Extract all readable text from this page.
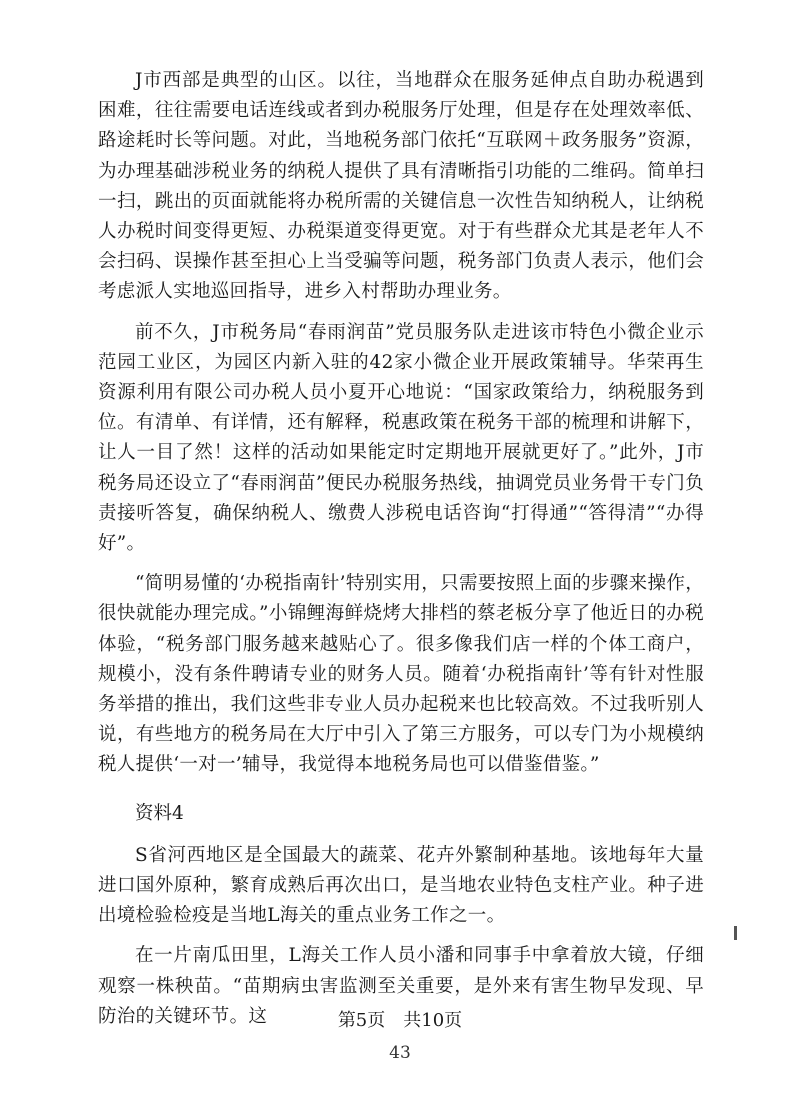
J市西部是典型的山区。以往，当地群众在服务延伸点自助办税遇到困难，往往需要电话连线或者到办税服务厅处理，但是存在处理效率低、路途耗时长等问题。对此，当地税务部门依托“互联网＋政务服务”资源，为办理基础涉税业务的纳税人提供了具有清晰指引功能的二维码。简单扫一扫，跳出的页面就能将办税所需的关键信息一次性告知纳税人，让纳税人办税时间变得更短、办税渠道变得更宽。对于有些群众尤其是老年人不会扫码、误操作甚至担心上当受骗等问题，税务部门负责人表示，他们会考虑派人实地巡回指导，进乡入村帮助办理业务。

前不久，J市税务局“春雨润苗”党员服务队走进该市特色小微企业示范园工业区，为园区内新入驻的42家小微企业开展政策辅导。华荣再生资源利用有限公司办税人员小夏开心地说：“国家政策给力，纳税服务到位。有清单、有详情，还有解释，税惠政策在税务干部的梳理和讲解下，让人一目了然！这样的活动如果能定时定期地开展就更好了。”此外，J市税务局还设立了“春雨润苗”便民办税服务热线，抽调党员业务骨干专门负责接听答复，确保纳税人、缴费人涉税电话咨询“打得通”“答得清”“办得好”。

“简明易懂的‘办税指南针’特别实用，只需要按照上面的步骤来操作，很快就能办理完成。”小锦鲤海鲜烧烤大排档的蔡老板分享了他近日的办税体验，“税务部门服务越来越贴心了。很多像我们店一样的个体工商户，规模小，没有条件聘请专业的财务人员。随着‘办税指南针’等有针对性服务举措的推出，我们这些非专业人员办起税来也比较高效。不过我听别人说，有些地方的税务局在大厅中引入了第三方服务，可以专门为小规模纳税人提供‘一对一’辅导，我觉得本地税务局也可以借鉴借鉴。”

资料4

S省河西地区是全国最大的蔬菜、花卉外繁制种基地。该地每年大量进口国外原种，繁育成熟后再次出口，是当地农业特色支柱产业。种子进出境检验检疫是当地L海关的重点业务工作之一。

在一片南瓜田里，L海关工作人员小潘和同事手中拿着放大镜，仔细观察一株秧苗。“苗期病虫害监测至关重要，是外来有害生物早发现、早防治的关键环节。这	第5页　共10页
43
